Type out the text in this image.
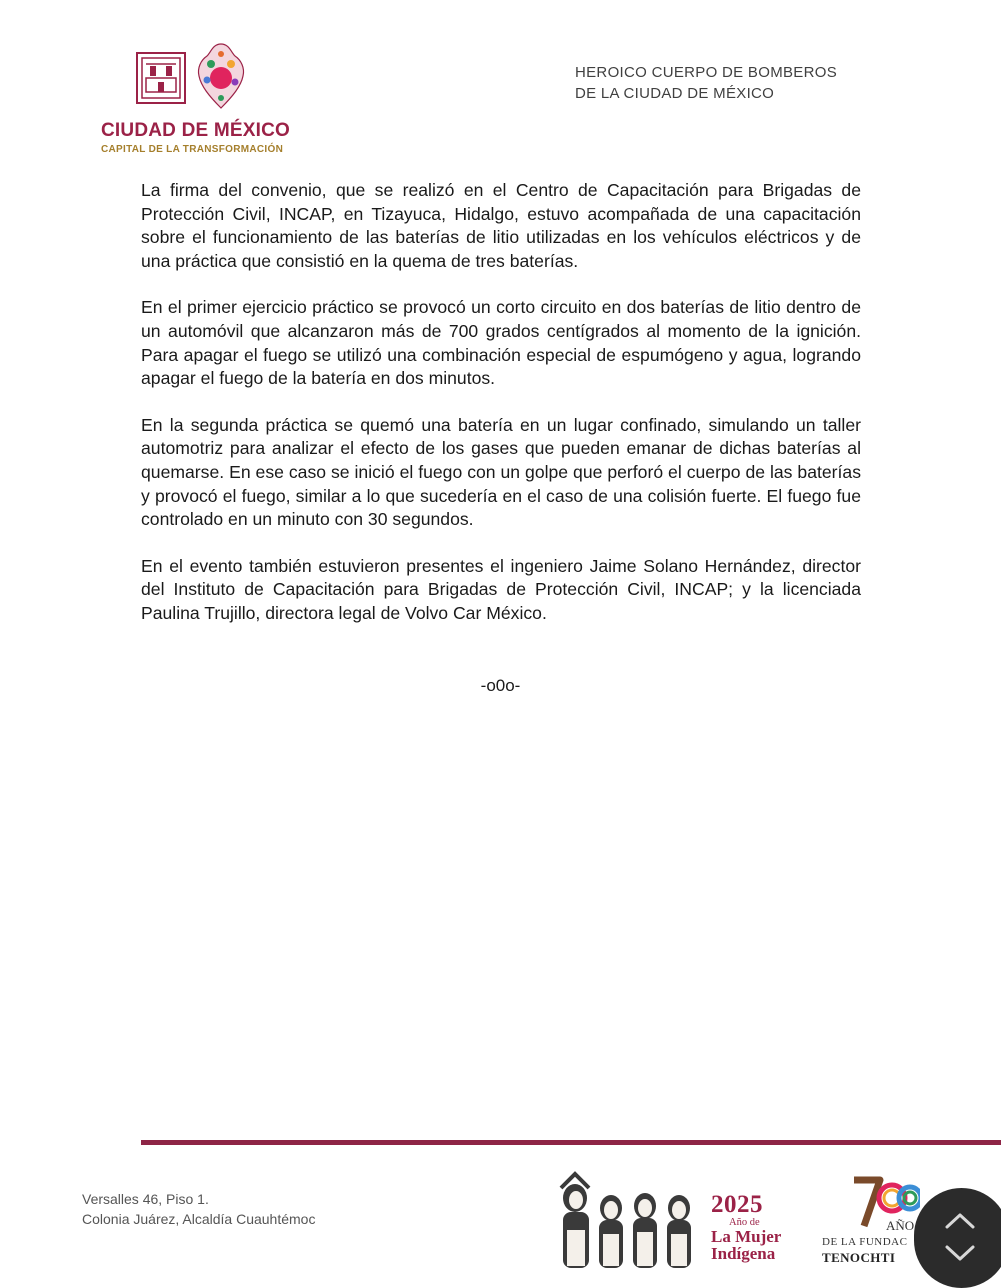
CIUDAD DE MÉXICO
CAPITAL DE LA TRANSFORMACIÓN
HEROICO CUERPO DE BOMBEROS
DE LA CIUDAD DE MÉXICO

La firma del convenio, que se realizó en el Centro de Capacitación para Brigadas de Protección Civil, INCAP, en Tizayuca, Hidalgo, estuvo acompañada de una capacitación sobre el funcionamiento de las baterías de litio utilizadas en los vehículos eléctricos y de una práctica que consistió en la quema de tres baterías.

En el primer ejercicio práctico se provocó un corto circuito en dos baterías de litio dentro de un automóvil que alcanzaron más de 700 grados centígrados al momento de la ignición. Para apagar el fuego se utilizó una combinación especial de espumógeno y agua, logrando apagar el fuego de la batería en dos minutos.

En la segunda práctica se quemó una batería en un lugar confinado, simulando un taller automotriz para analizar el efecto de los gases que pueden emanar de dichas baterías al quemarse. En ese caso se inició el fuego con un golpe que perforó el cuerpo de las baterías y provocó el fuego, similar a lo que sucedería en el caso de una colisión fuerte. El fuego fue controlado en un minuto con 30 segundos.

En el evento también estuvieron presentes el ingeniero Jaime Solano Hernández, director del Instituto de Capacitación para Brigadas de Protección Civil, INCAP; y la licenciada Paulina Trujillo, directora legal de Volvo Car México.

-o0o-
Versalles 46, Piso 1.
Colonia Juárez, Alcaldía Cuauhtémoc
2025
Año de
La Mujer
Indígena
AÑO
DE LA FUNDAC
TENOCHTI
